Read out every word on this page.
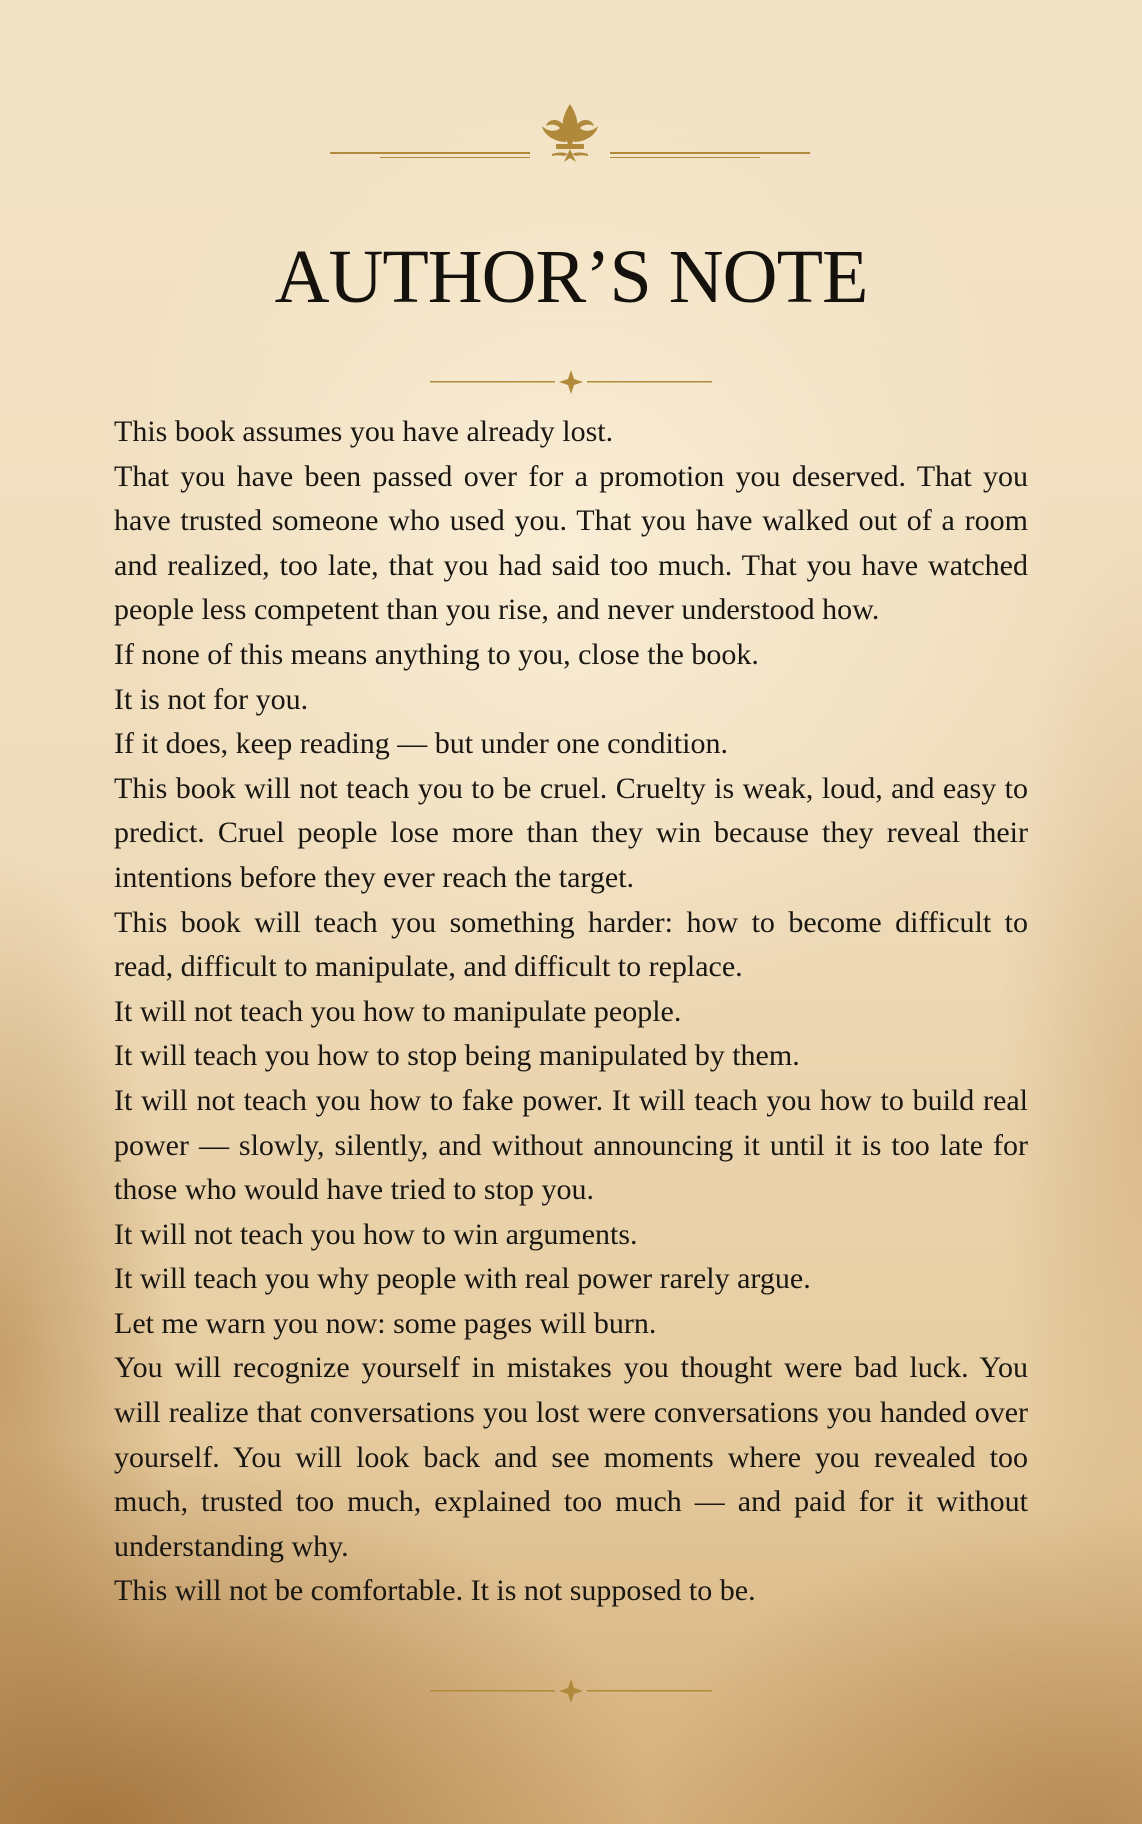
AUTHOR’S NOTE

This book assumes you have already lost.

That you have been passed over for a promotion you deserved. That you have trusted someone who used you. That you have walked out of a room and realized, too late, that you had said too much. That you have watched people less competent than you rise, and never understood how.

If none of this means anything to you, close the book.

It is not for you.

If it does, keep reading — but under one condition.

This book will not teach you to be cruel. Cruelty is weak, loud, and easy to predict. Cruel people lose more than they win because they reveal their intentions before they ever reach the target.

This book will teach you something harder: how to become difficult to read, difficult to manipulate, and difficult to replace.

It will not teach you how to manipulate people.

It will teach you how to stop being manipulated by them.

It will not teach you how to fake power. It will teach you how to build real power — slowly, silently, and without announcing it until it is too late for those who would have tried to stop you.

It will not teach you how to win arguments.

It will teach you why people with real power rarely argue.

Let me warn you now: some pages will burn.

You will recognize yourself in mistakes you thought were bad luck. You will realize that conversations you lost were conversations you handed over yourself. You will look back and see moments where you revealed too much, trusted too much, explained too much — and paid for it without understanding why.

This will not be comfortable. It is not supposed to be.
